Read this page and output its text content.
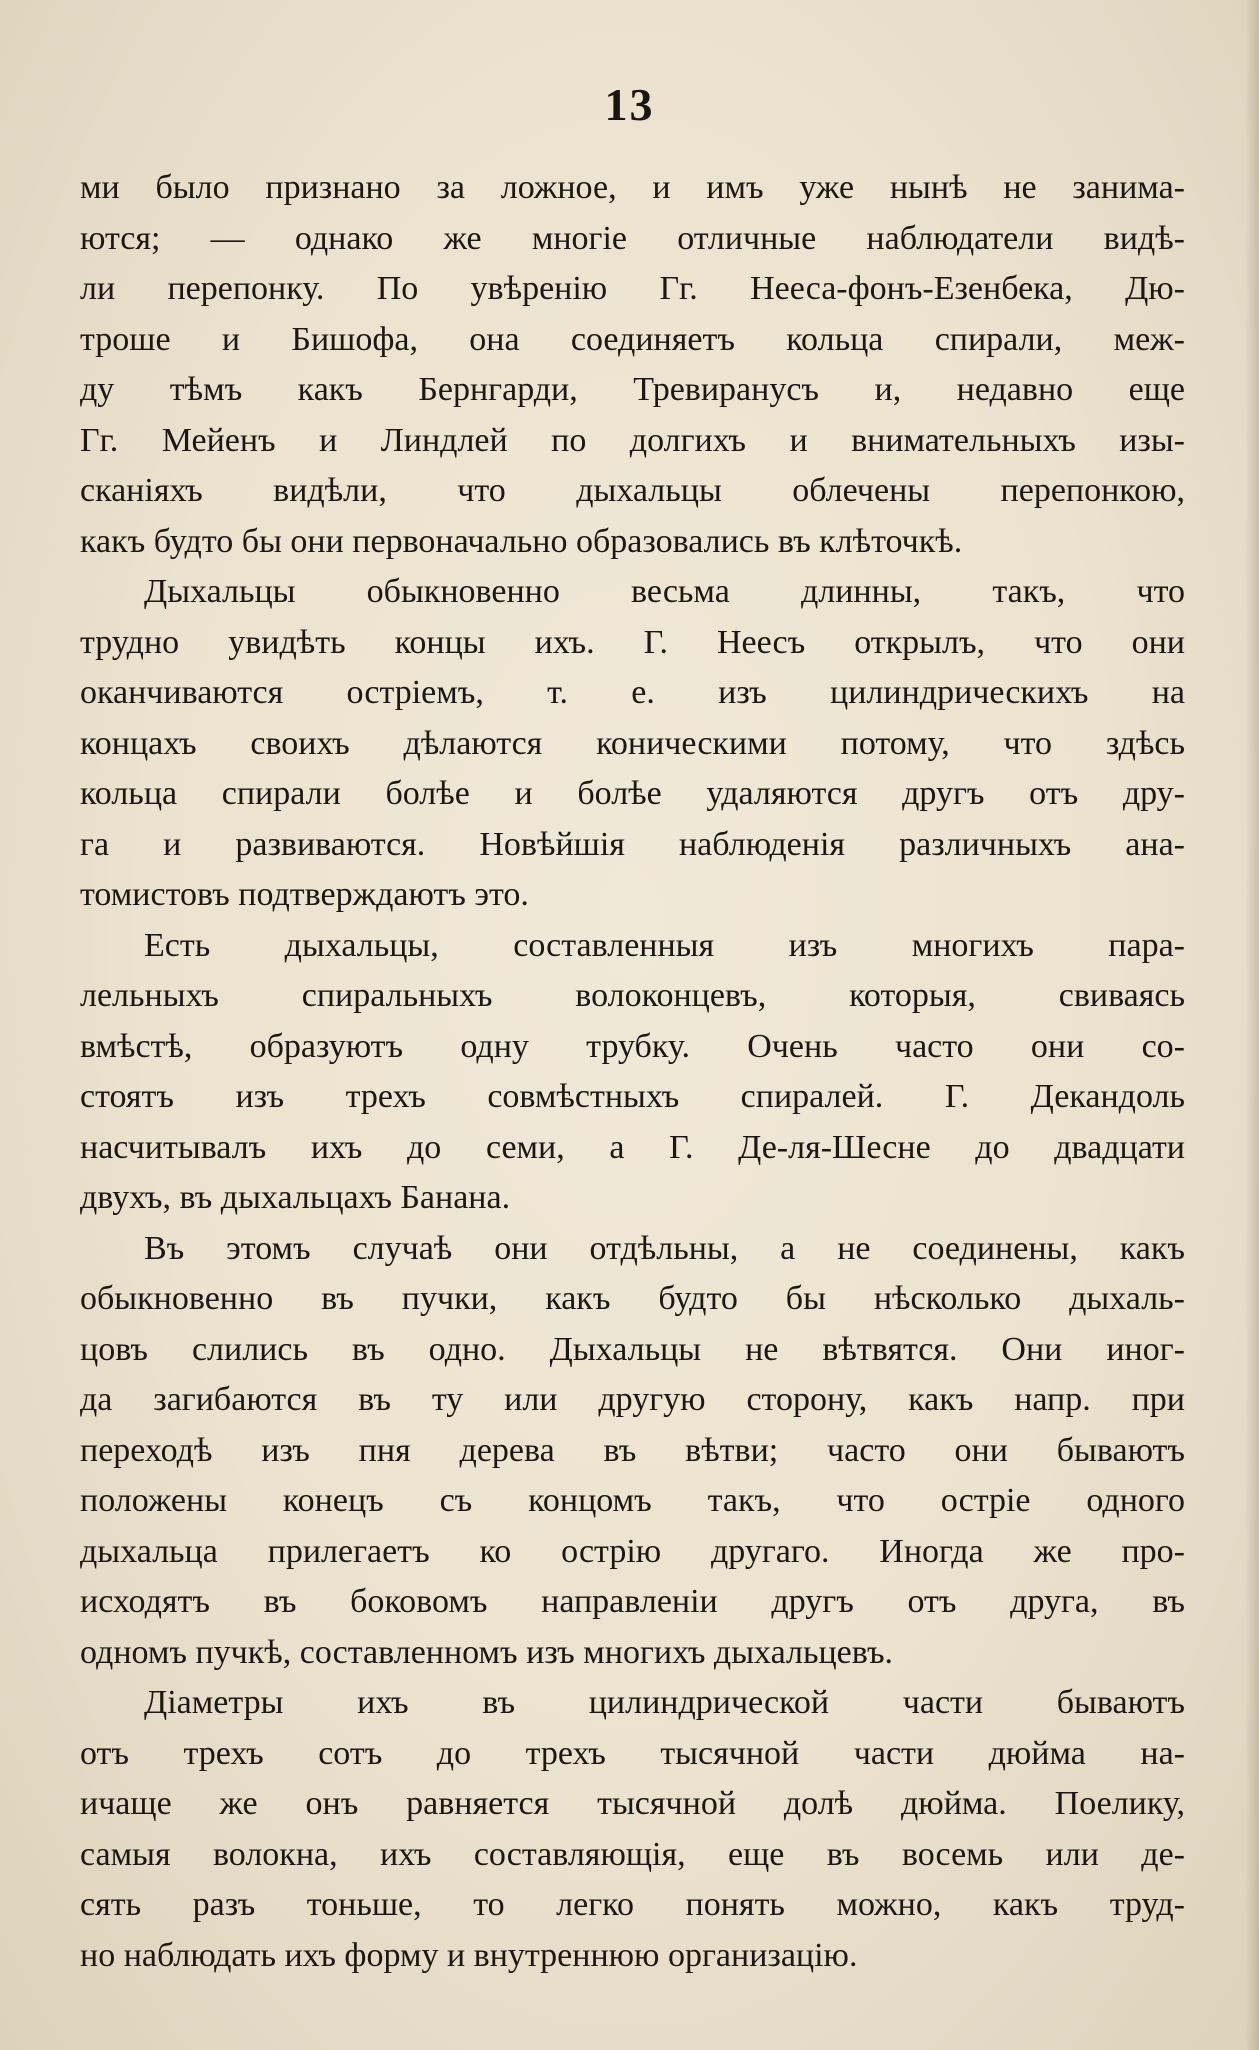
13
ми было признано за ложное, и имъ уже нынѣ не занима-
ются; — однако же многіе отличные наблюдатели видѣ-
ли перепонку. По увѣренію Гг. Нееса-фонъ-Езенбека, Дю-
троше и Бишофа, она соединяетъ кольца спирали, меж-
ду тѣмъ какъ Бернгарди, Тревиранусъ и, недавно еще
Гг. Мейенъ и Линдлей по долгихъ и внимательныхъ изы-
сканіяхъ видѣли, что дыхальцы облечены перепонкою,
какъ будто бы они первоначально образовались въ клѣточкѣ.
Дыхальцы обыкновенно весьма длинны, такъ, что
трудно увидѣть концы ихъ. Г. Неесъ открылъ, что они
оканчиваются остріемъ, т. е. изъ цилиндрическихъ на
концахъ своихъ дѣлаются коническими потому, что здѣсь
кольца спирали болѣе и болѣе удаляются другъ отъ дру-
га и развиваются. Новѣйшія наблюденія различныхъ ана-
томистовъ подтверждаютъ это.
Есть дыхальцы, составленныя изъ многихъ пара-
лельныхъ спиральныхъ волоконцевъ, которыя, свиваясь
вмѣстѣ, образуютъ одну трубку. Очень часто они со-
стоятъ изъ трехъ совмѣстныхъ спиралей. Г. Декандоль
насчитывалъ ихъ до семи, а Г. Де-ля-Шесне до двадцати
двухъ, въ дыхальцахъ Банана.
Въ этомъ случаѣ они отдѣльны, а не соединены, какъ
обыкновенно въ пучки, какъ будто бы нѣсколько дыхаль-
цовъ слились въ одно. Дыхальцы не вѣтвятся. Они иног-
да загибаются въ ту или другую сторону, какъ напр. при
переходѣ изъ пня дерева въ вѣтви; часто они бываютъ
положены конецъ съ концомъ такъ, что остріе одного
дыхальца прилегаетъ ко острію другаго. Иногда же про-
исходятъ въ боковомъ направленіи другъ отъ друга, въ
одномъ пучкѣ, составленномъ изъ многихъ дыхальцевъ.
Діаметры ихъ въ цилиндрической части бываютъ
отъ трехъ сотъ до трехъ тысячной части дюйма на-
ичаще же онъ равняется тысячной долѣ дюйма. Поелику,
самыя волокна, ихъ составляющія, еще въ восемь или де-
сять разъ тоньше, то легко понять можно, какъ труд-
но наблюдать ихъ форму и внутреннюю организацію.
